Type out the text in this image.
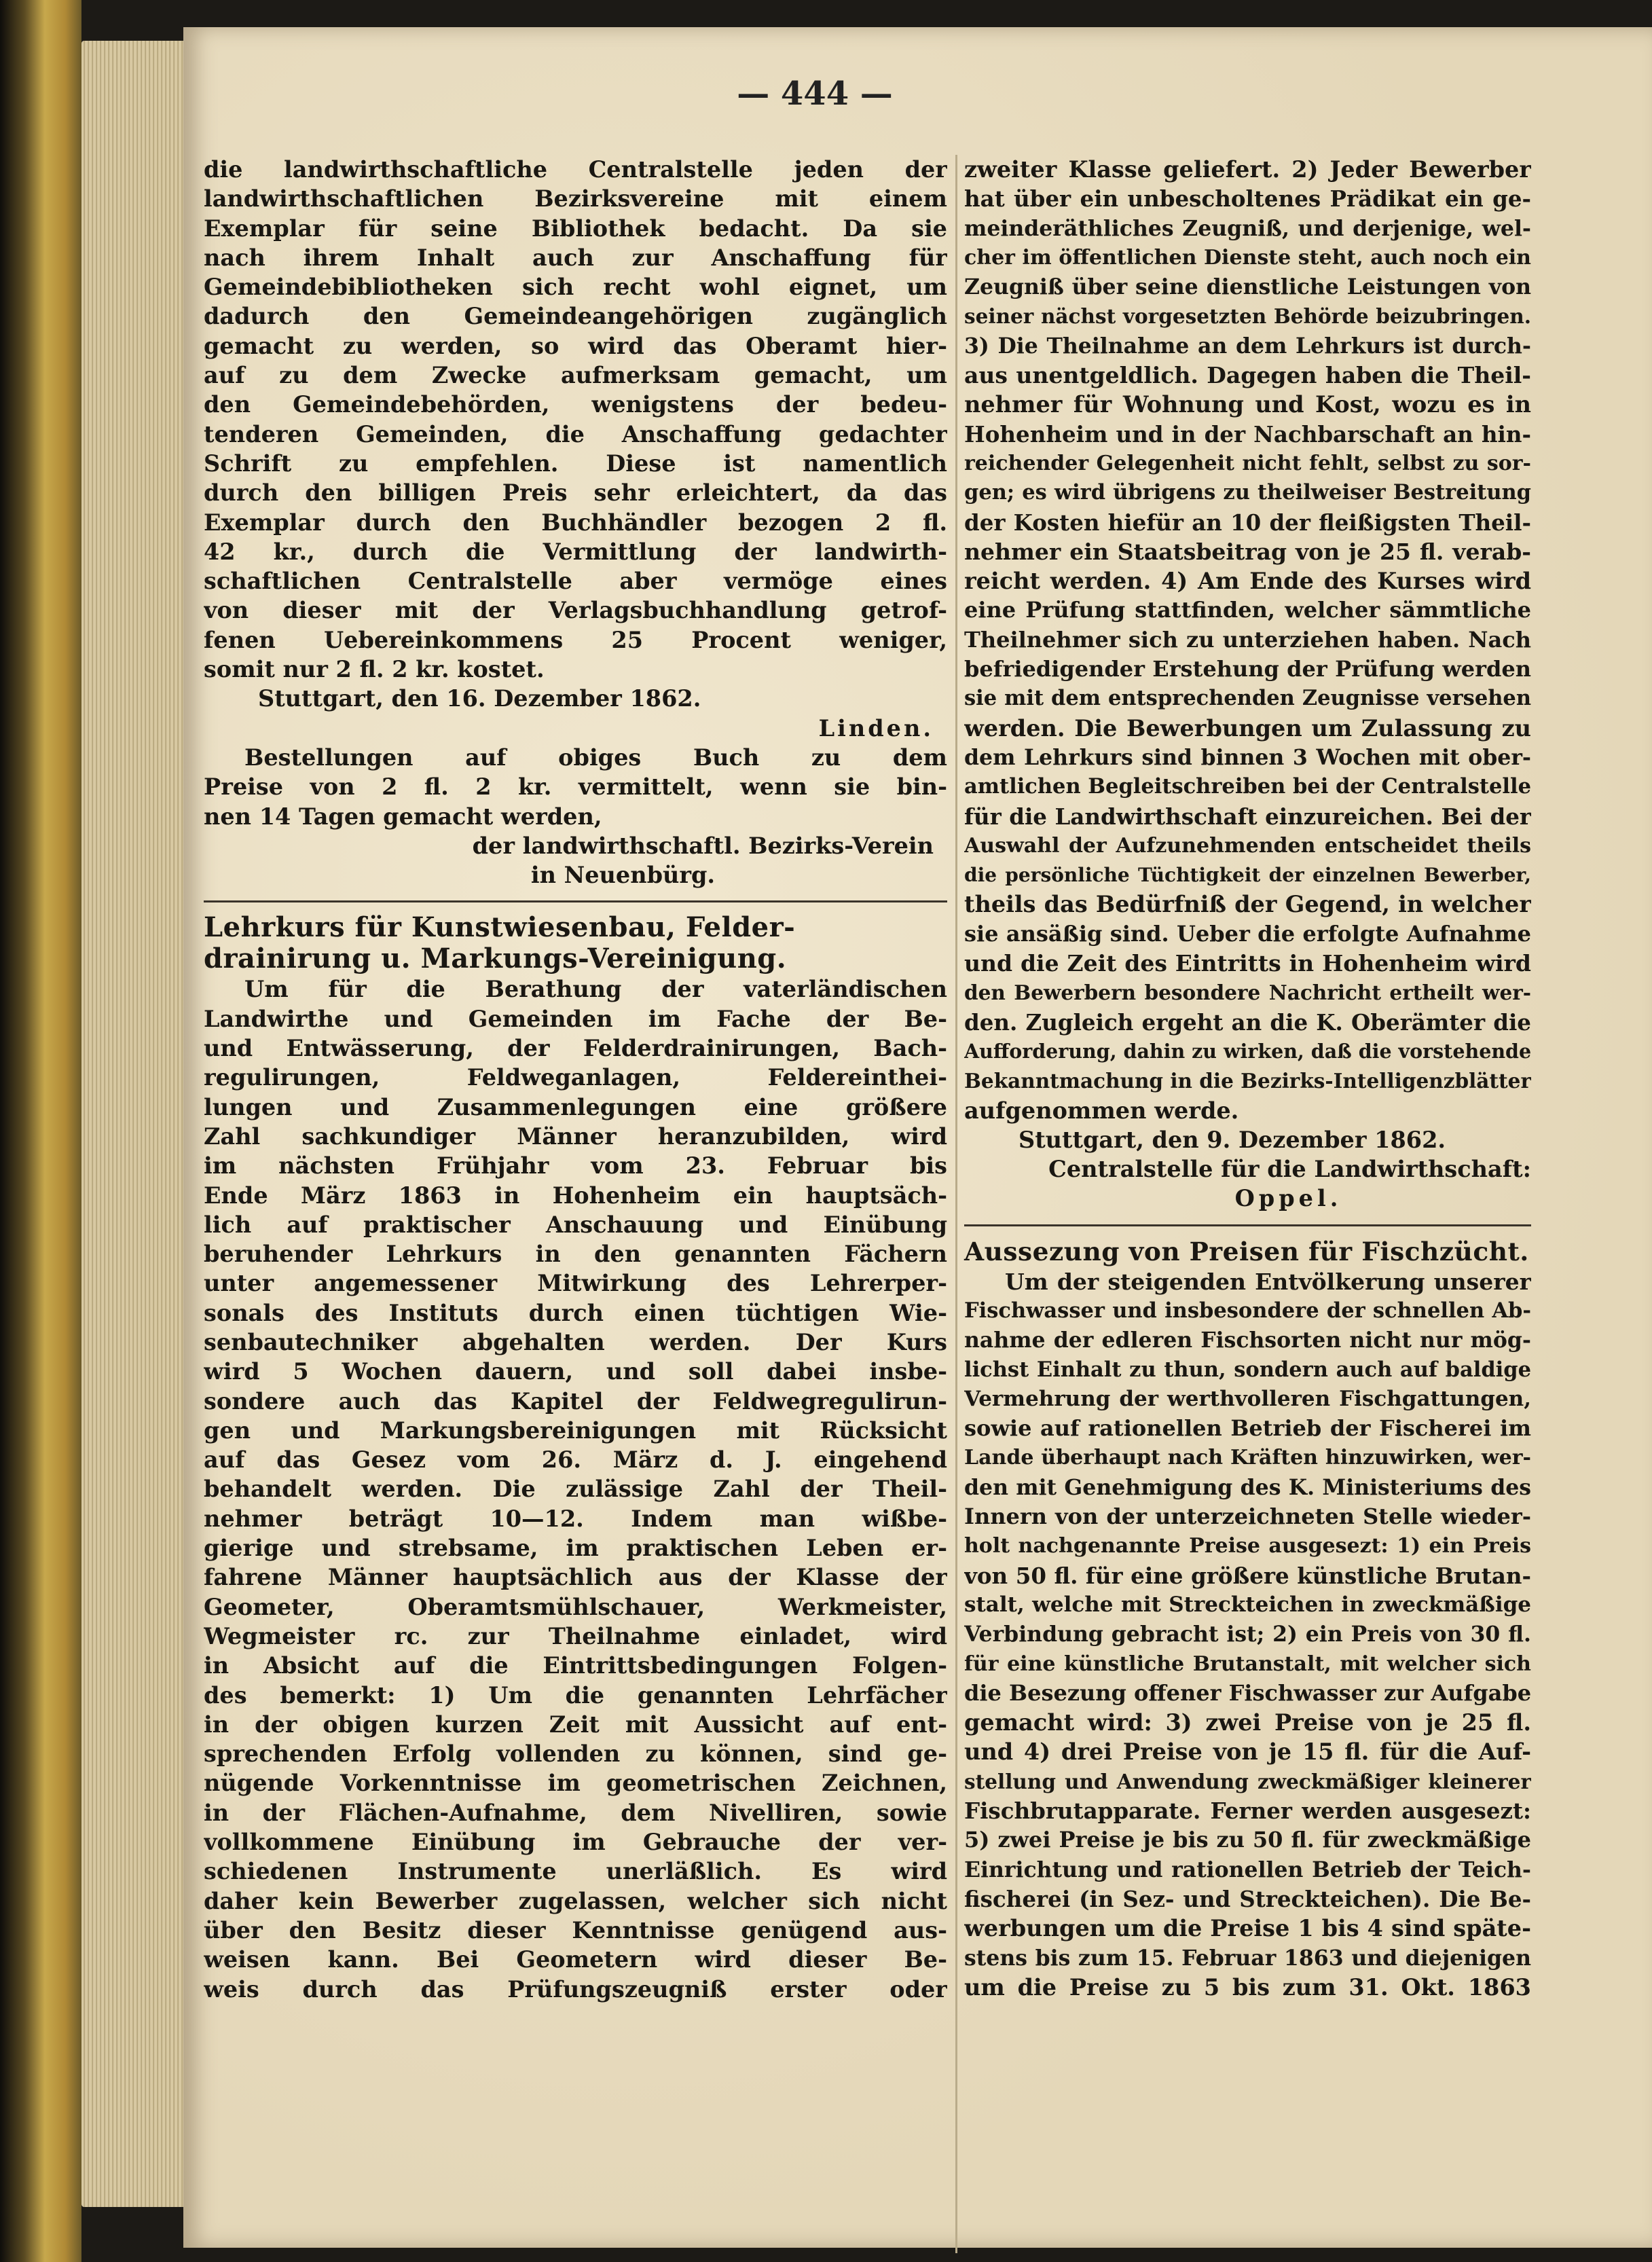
— 444 —
die landwirthschaftliche Centralstelle jeden der
landwirthschaftlichen Bezirksvereine mit einem
Exemplar für seine Bibliothek bedacht. Da sie
nach ihrem Inhalt auch zur Anschaffung für
Gemeindebibliotheken sich recht wohl eignet, um
dadurch den Gemeindeangehörigen zugänglich
gemacht zu werden, so wird das Oberamt hier-
auf zu dem Zwecke aufmerksam gemacht, um
den Gemeindebehörden, wenigstens der bedeu-
tenderen Gemeinden, die Anschaffung gedachter
Schrift zu empfehlen. Diese ist namentlich
durch den billigen Preis sehr erleichtert, da das
Exemplar durch den Buchhändler bezogen 2 fl.
42 kr., durch die Vermittlung der landwirth-
schaftlichen Centralstelle aber vermöge eines
von dieser mit der Verlagsbuchhandlung getrof-
fenen Uebereinkommens 25 Procent weniger,
somit nur 2 fl. 2 kr. kostet.
Stuttgart, den 16. Dezember 1862.
Linden.
Bestellungen auf obiges Buch zu dem
Preise von 2 fl. 2 kr. vermittelt, wenn sie bin-
nen 14 Tagen gemacht werden,
der landwirthschaftl. Bezirks-Verein
in Neuenbürg.
Lehrkurs für Kunstwiesenbau, Felder-
drainirung u. Markungs-Vereinigung.
Um für die Berathung der vaterländischen
Landwirthe und Gemeinden im Fache der Be-
und Entwässerung, der Felderdrainirungen, Bach-
regulirungen, Feldweganlagen, Feldereinthei-
lungen und Zusammenlegungen eine größere
Zahl sachkundiger Männer heranzubilden, wird
im nächsten Frühjahr vom 23. Februar bis
Ende März 1863 in Hohenheim ein hauptsäch-
lich auf praktischer Anschauung und Einübung
beruhender Lehrkurs in den genannten Fächern
unter angemessener Mitwirkung des Lehrerper-
sonals des Instituts durch einen tüchtigen Wie-
senbautechniker abgehalten werden. Der Kurs
wird 5 Wochen dauern, und soll dabei insbe-
sondere auch das Kapitel der Feldwegregulirun-
gen und Markungsbereinigungen mit Rücksicht
auf das Gesez vom 26. März d. J. eingehend
behandelt werden. Die zulässige Zahl der Theil-
nehmer beträgt 10—12. Indem man wißbe-
gierige und strebsame, im praktischen Leben er-
fahrene Männer hauptsächlich aus der Klasse der
Geometer, Oberamtsmühlschauer, Werkmeister,
Wegmeister rc. zur Theilnahme einladet, wird
in Absicht auf die Eintrittsbedingungen Folgen-
des bemerkt: 1) Um die genannten Lehrfächer
in der obigen kurzen Zeit mit Aussicht auf ent-
sprechenden Erfolg vollenden zu können, sind ge-
nügende Vorkenntnisse im geometrischen Zeichnen,
in der Flächen-Aufnahme, dem Nivelliren, sowie
vollkommene Einübung im Gebrauche der ver-
schiedenen Instrumente unerläßlich. Es wird
daher kein Bewerber zugelassen, welcher sich nicht
über den Besitz dieser Kenntnisse genügend aus-
weisen kann. Bei Geometern wird dieser Be-
weis durch das Prüfungszeugniß erster oder
zweiter Klasse geliefert. 2) Jeder Bewerber
hat über ein unbescholtenes Prädikat ein ge-
meinderäthliches Zeugniß, und derjenige, wel-
cher im öffentlichen Dienste steht, auch noch ein
Zeugniß über seine dienstliche Leistungen von
seiner nächst vorgesetzten Behörde beizubringen.
3) Die Theilnahme an dem Lehrkurs ist durch-
aus unentgeldlich. Dagegen haben die Theil-
nehmer für Wohnung und Kost, wozu es in
Hohenheim und in der Nachbarschaft an hin-
reichender Gelegenheit nicht fehlt, selbst zu sor-
gen; es wird übrigens zu theilweiser Bestreitung
der Kosten hiefür an 10 der fleißigsten Theil-
nehmer ein Staatsbeitrag von je 25 fl. verab-
reicht werden. 4) Am Ende des Kurses wird
eine Prüfung stattfinden, welcher sämmtliche
Theilnehmer sich zu unterziehen haben. Nach
befriedigender Erstehung der Prüfung werden
sie mit dem entsprechenden Zeugnisse versehen
werden. Die Bewerbungen um Zulassung zu
dem Lehrkurs sind binnen 3 Wochen mit ober-
amtlichen Begleitschreiben bei der Centralstelle
für die Landwirthschaft einzureichen. Bei der
Auswahl der Aufzunehmenden entscheidet theils
die persönliche Tüchtigkeit der einzelnen Bewerber,
theils das Bedürfniß der Gegend, in welcher
sie ansäßig sind. Ueber die erfolgte Aufnahme
und die Zeit des Eintritts in Hohenheim wird
den Bewerbern besondere Nachricht ertheilt wer-
den. Zugleich ergeht an die K. Oberämter die
Aufforderung, dahin zu wirken, daß die vorstehende
Bekanntmachung in die Bezirks-Intelligenzblätter
aufgenommen werde.
Stuttgart, den 9. Dezember 1862.
Centralstelle für die Landwirthschaft:
Oppel.
Aussezung von Preisen für Fischzücht.
Um der steigenden Entvölkerung unserer
Fischwasser und insbesondere der schnellen Ab-
nahme der edleren Fischsorten nicht nur mög-
lichst Einhalt zu thun, sondern auch auf baldige
Vermehrung der werthvolleren Fischgattungen,
sowie auf rationellen Betrieb der Fischerei im
Lande überhaupt nach Kräften hinzuwirken, wer-
den mit Genehmigung des K. Ministeriums des
Innern von der unterzeichneten Stelle wieder-
holt nachgenannte Preise ausgesezt: 1) ein Preis
von 50 fl. für eine größere künstliche Brutan-
stalt, welche mit Streckteichen in zweckmäßige
Verbindung gebracht ist; 2) ein Preis von 30 fl.
für eine künstliche Brutanstalt, mit welcher sich
die Besezung offener Fischwasser zur Aufgabe
gemacht wird: 3) zwei Preise von je 25 fl.
und 4) drei Preise von je 15 fl. für die Auf-
stellung und Anwendung zweckmäßiger kleinerer
Fischbrutapparate. Ferner werden ausgesezt:
5) zwei Preise je bis zu 50 fl. für zweckmäßige
Einrichtung und rationellen Betrieb der Teich-
fischerei (in Sez- und Streckteichen). Die Be-
werbungen um die Preise 1 bis 4 sind späte-
stens bis zum 15. Februar 1863 und diejenigen
um die Preise zu 5 bis zum 31. Okt. 1863
